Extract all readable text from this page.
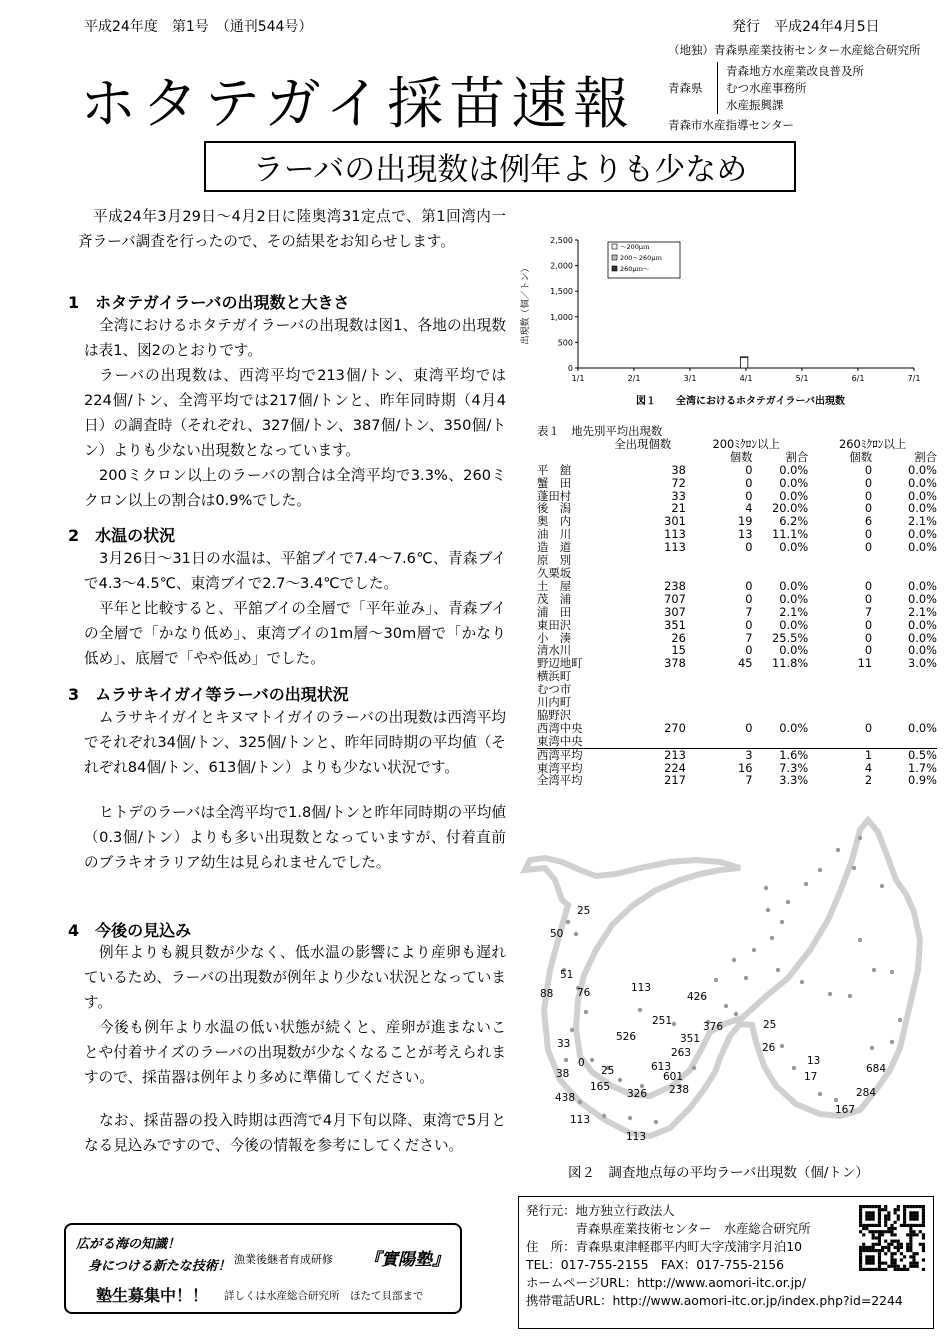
平成24年度　第1号　（通刊544号）	発行　平成24年4月5日
（地独）青森県産業技術センター水産総合研究所
ホタテガイ採苗速報	青森県
青森地方水産業改良普及所
むつ水産事務所
水産振興課
青森市水産指導センター
ラーバの出現数は例年よりも少なめ
平成24年3月29日～4月2日に陸奥湾31定点で、第1回湾内一斉ラーバ調査を行ったので、その結果をお知らせします。
1　ホタテガイラーバの出現数と大きさ
全湾におけるホタテガイラーバの出現数は図1、各地の出現数は表1、図2のとおりです。
ラーバの出現数は、西湾平均で213個/トン、東湾平均では224個/トン、全湾平均では217個/トンと、昨年同時期（4月4日）の調査時（それぞれ、327個/トン、387個/トン、350個/トン）よりも少ない出現数となっています。
200ミクロン以上のラーバの割合は全湾平均で3.3%、260ミクロン以上の割合は0.9%でした。
2　水温の状況
3月26日～31日の水温は、平舘ブイで7.4～7.6℃、青森ブイで4.3～4.5℃、東湾ブイで2.7～3.4℃でした。
平年と比較すると、平舘ブイの全層で「平年並み」、青森ブイの全層で「かなり低め」、東湾ブイの1m層～30m層で「かなり低め」、底層で「やや低め」でした。
3　ムラサキイガイ等ラーバの出現状況
ムラサキイガイとキヌマトイガイのラーバの出現数は西湾平均でそれぞれ34個/トン、325個/トンと、昨年同時期の平均値（それぞれ84個/トン、613個/トン）よりも少ない状況です。
ヒトデのラーバは全湾平均で1.8個/トンと昨年同時期の平均値（0.3個/トン）よりも多い出現数となっていますが、付着直前のブラキオラリア幼生は見られませんでした。
4　今後の見込み
例年よりも親貝数が少なく、低水温の影響により産卵も遅れているため、ラーバの出現数が例年より少ない状況となっています。
今後も例年より水温の低い状態が続くと、産卵が進まないことや付着サイズのラーバの出現数が少なくなることが考えられますので、採苗器は例年より多めに準備してください。
なお、採苗器の投入時期は西湾で4月下旬以降、東湾で5月となる見込みですので、今後の情報を参考にしてください。
2,500
2,000
1,500
1,000
500
0
1/1	2/1	3/1	4/1	5/1	6/1	7/1
出現数（個／トン）
～200μｍ
200～260μｍ
260μｍ～
図１　　全湾におけるホタテガイラーバ出現数
表１　地先別平均出現数
全出現個数	200ﾐｸﾛﾝ以上	260ﾐｸﾛﾝ以上
個数	割合	個数	割合
平　舘	38	0	0.0%	0	0.0%
蟹　田	72	0	0.0%	0	0.0%
蓬田村	33	0	0.0%	0	0.0%
後　潟	21	4	20.0%	0	0.0%
奥　内	301	19	6.2%	6	2.1%
油　川	113	13	11.1%	0	0.0%
造　道	113	0	0.0%	0	0.0%
原　別
久栗坂
土　屋	238	0	0.0%	0	0.0%
茂　浦	707	0	0.0%	0	0.0%
浦　田	307	7	2.1%	7	2.1%
東田沢	351	0	0.0%	0	0.0%
小　湊	26	7	25.5%	0	0.0%
清水川	15	0	0.0%	0	0.0%
野辺地町	378	45	11.8%	11	3.0%
横浜町
むつ市
川内町
脇野沢
西湾中央	270	0	0.0%	0	0.0%
東湾中央
西湾平均	213	3	1.6%	1	0.5%
東湾平均	224	16	7.3%	4	1.7%
全湾平均	217	7	3.3%	2	0.9%
25
50
51
88 76	113
426
251
526
376	25
26
351
33
263
0
25	613
601
38
165
326 238
13
17
684
438	284
167
113
113
図２　調査地点毎の平均ラーバ出現数（個/トン）
発行元：地方独立行政法人
　　　　青森県産業技術センター　水産総合研究所
住　所：青森県東津軽郡平内町大字茂浦字月泊10
TEL：017-755-2155　FAX：017-755-2156
ホームページURL：http://www.aomori-itc.or.jp/
携帯電話URL：http://www.aomori-itc.or.jp/index.php?id=2244
広がる海の知識！
身につける新たな技術！ 漁業後継者育成研修 『實陽塾』
塾生募集中！！ 詳しくは水産総合研究所　ほたて貝部まで
